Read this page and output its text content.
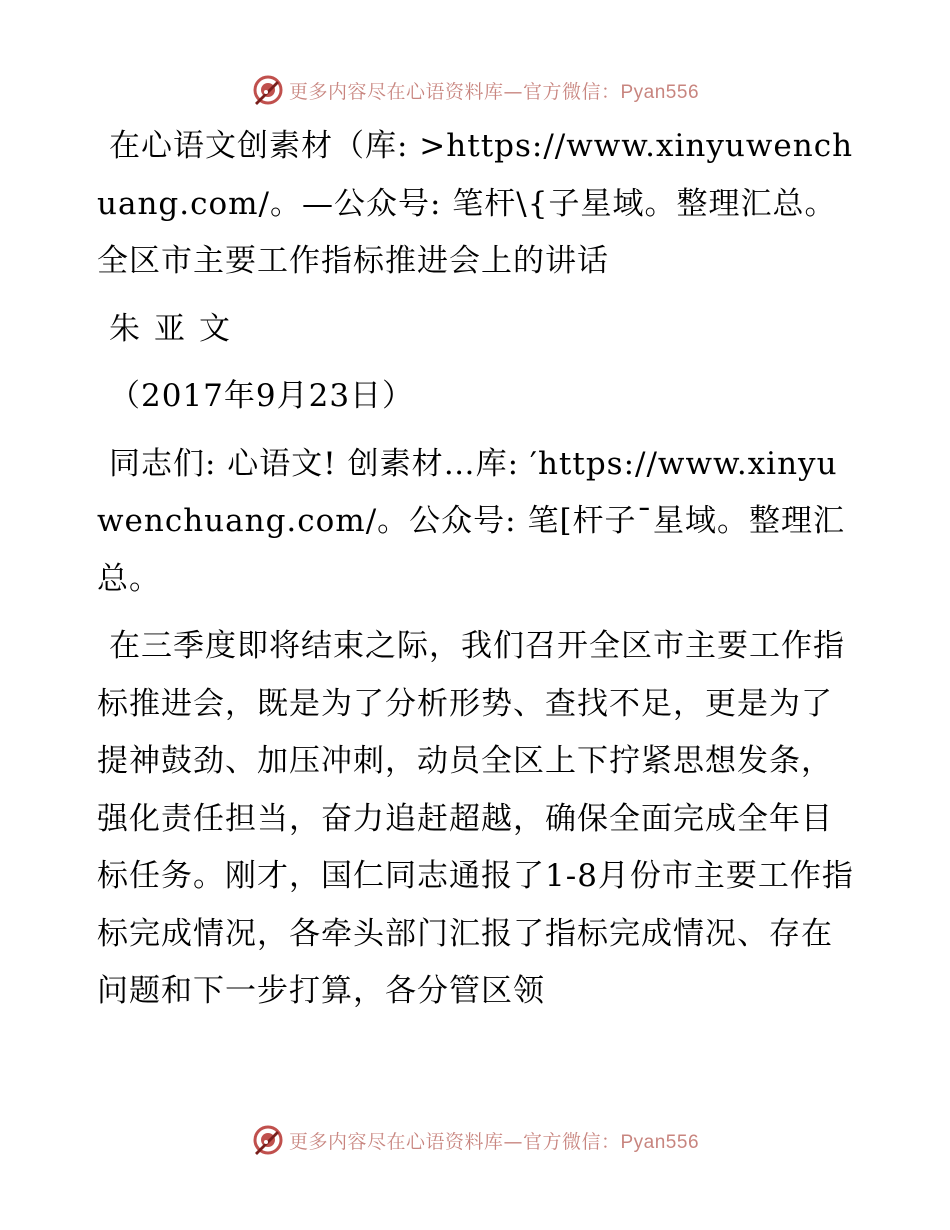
更多内容尽在心语资料库—官方微信：Pyan556

在心语文创素材（库: >https://www.xinyuwenchuang.com/。—公众号: 笔杆\{子星域。整理汇总。全区市主要工作指标推进会上的讲话

朱亚文

（2017年9月23日）

同志们: 心语文! 创素材…库: ′https://www.xinyuwenchuang.com/。公众号: 笔[杆子¯星域。整理汇总。

在三季度即将结束之际，我们召开全区市主要工作指标推进会，既是为了分析形势、查找不足，更是为了提神鼓劲、加压冲刺，动员全区上下拧紧思想发条，强化责任担当，奋力追赶超越，确保全面完成全年目标任务。刚才，国仁同志通报了1-8月份市主要工作指标完成情况，各牵头部门汇报了指标完成情况、存在问题和下一步打算，各分管区领

更多内容尽在心语资料库—官方微信：Pyan556
